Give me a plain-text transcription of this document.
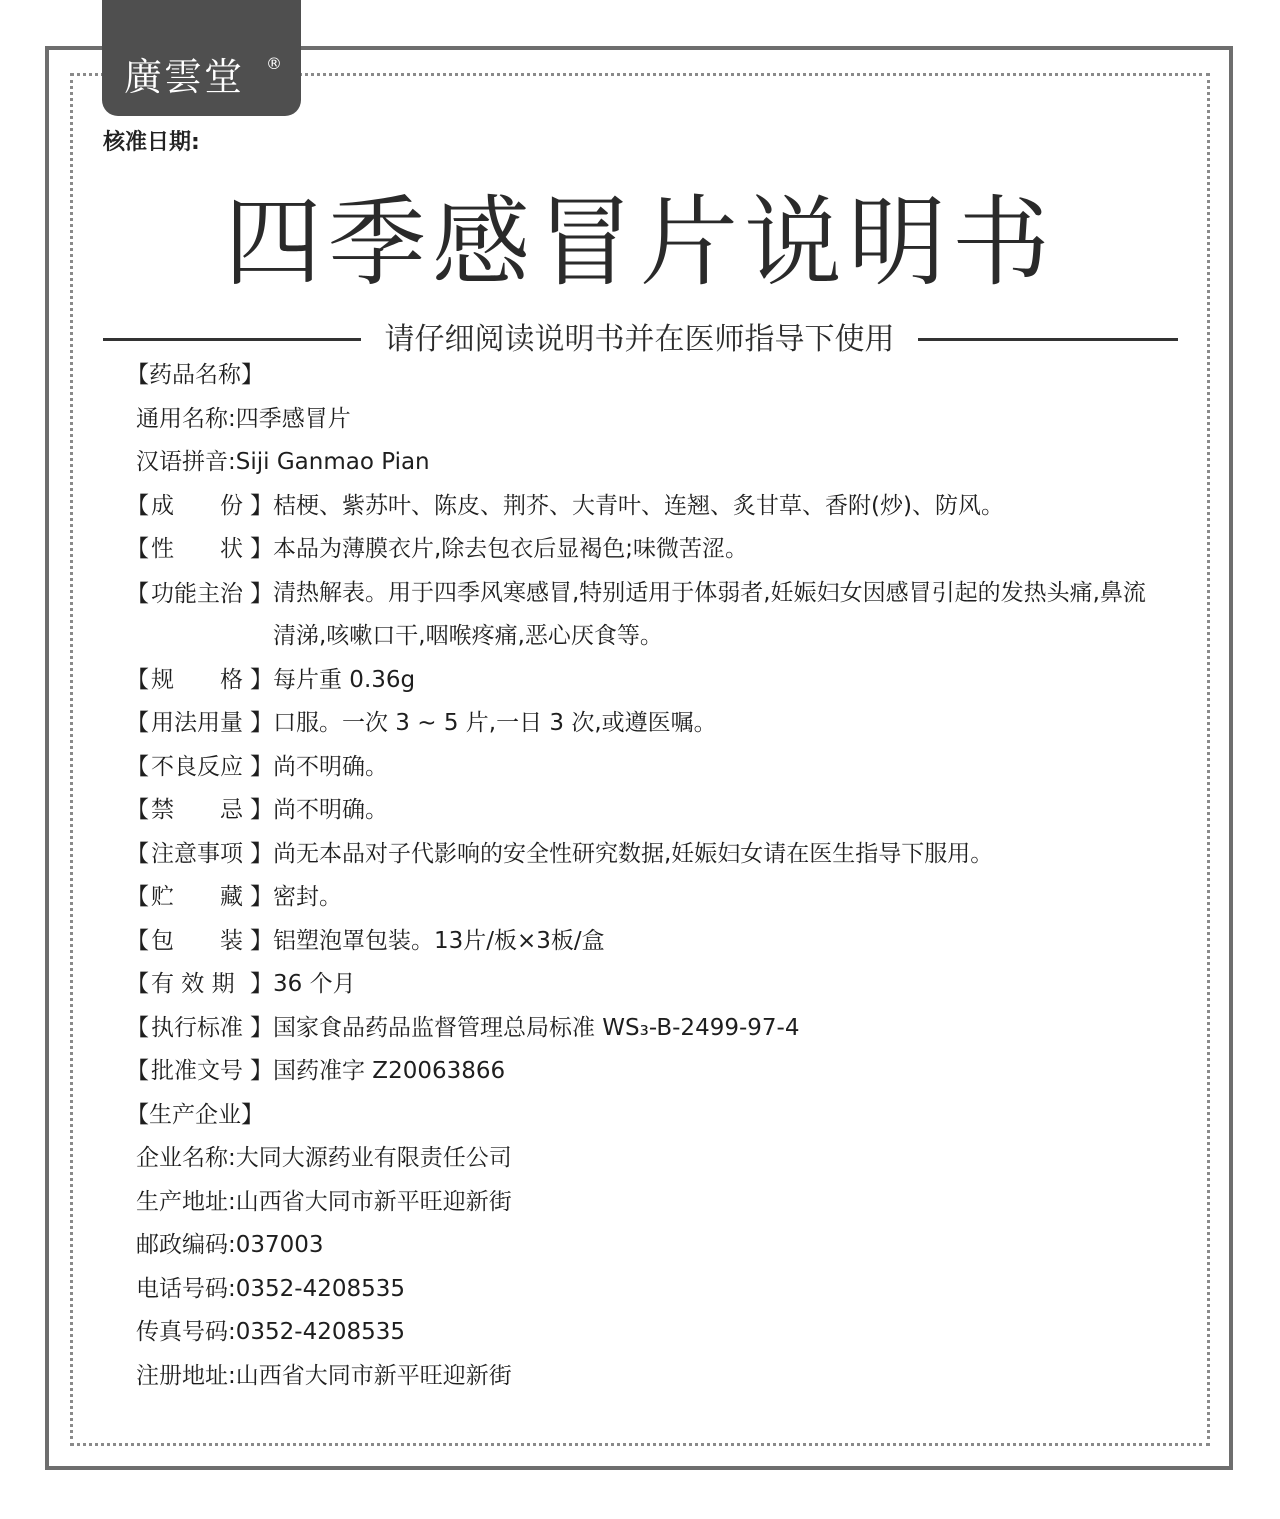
廣雲堂 ®
核准日期:
四季感冒片说明书
请仔细阅读说明书并在医师指导下使用
【药品名称】
通用名称: 四季感冒片
汉语拼音: Siji Ganmao Pian
【 成　　份 】 桔梗、紫苏叶、陈皮、荆芥、大青叶、连翘、炙甘草、香附(炒)、防风。
【 性　　状 】 本品为薄膜衣片,除去包衣后显褐色;味微苦涩。
【 功能主治 】 清热解表。用于四季风寒感冒,特别适用于体弱者,妊娠妇女因感冒引起的发热头痛,鼻流清涕,咳嗽口干,咽喉疼痛,恶心厌食等。
【 规　　格 】 每片重 0.36g
【 用法用量 】 口服。一次 3 ~ 5 片,一日 3 次,或遵医嘱。
【 不良反应 】 尚不明确。
【 禁　　忌 】 尚不明确。
【 注意事项 】 尚无本品对子代影响的安全性研究数据,妊娠妇女请在医生指导下服用。
【 贮　　藏 】 密封。
【 包　　装 】 铝塑泡罩包装。13片/板×3板/盒
【 有 效 期 】 36 个月
【 执行标准 】 国家食品药品监督管理总局标准 WS₃-B-2499-97-4
【 批准文号 】 国药准字 Z20063866
【生产企业】
企业名称: 大同大源药业有限责任公司
生产地址: 山西省大同市新平旺迎新街
邮政编码: 037003
电话号码: 0352-4208535
传真号码: 0352-4208535
注册地址: 山西省大同市新平旺迎新街
